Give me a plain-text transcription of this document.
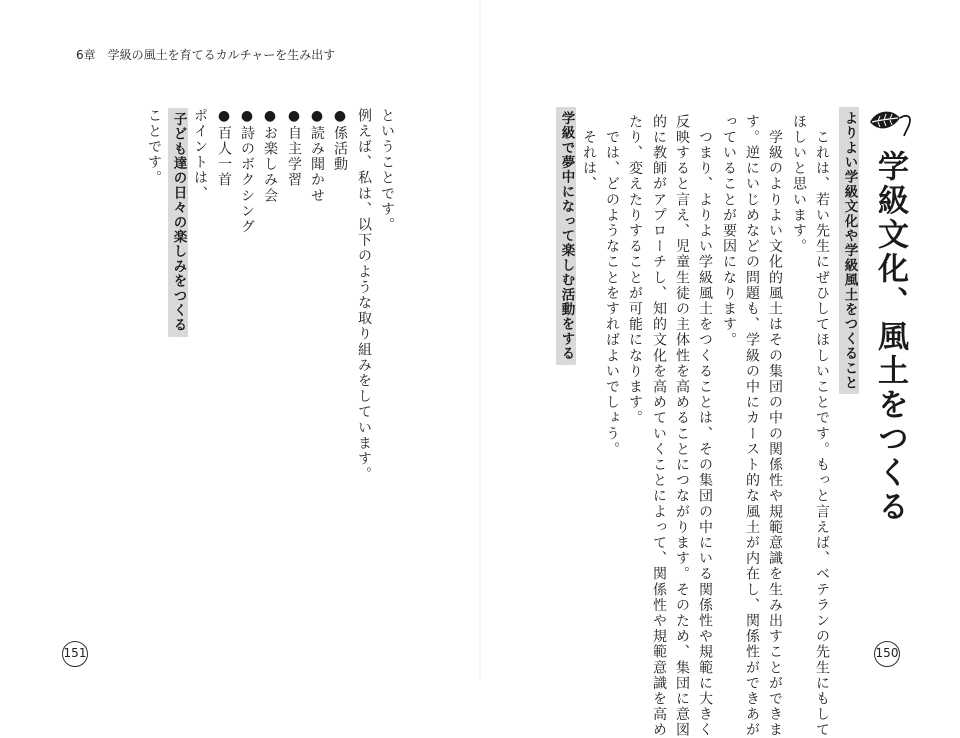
6章　学級の風土を育てるカルチャーを生み出す
学級文化、風土をつくる
よりよい学級文化や学級風土をつくること
　これは、若い先生にぜひしてほしいことです。もっと言えば、ベテランの先生にもして
ほしいと思います。
　学級のよりよい文化的風土はその集団の中の関係性や規範意識を生み出すことができま
す。逆にいじめなどの問題も、学級の中にカースト的な風土が内在し、関係性ができあが
っていることが要因になります。
　つまり、よりよい学級風土をつくることは、その集団の中にいる関係性や規範に大きく
反映すると言え、児童生徒の主体性を高めることにつながります。そのため、集団に意図
的に教師がアプローチし、知的文化を高めていくことによって、関係性や規範意識を高め
たり、変えたりすることが可能になります。
　では、どのようなことをすればよいでしょう。
　それは、
学級で夢中になって楽しむ活動をする
150
ということです。
例えば、私は、以下のような取り組みをしています。
●係活動
●読み聞かせ
●自主学習
●お楽しみ会
●詩のボクシング
●百人一首
ポイントは、
子ども達の日々の楽しみをつくる
ことです。
151
